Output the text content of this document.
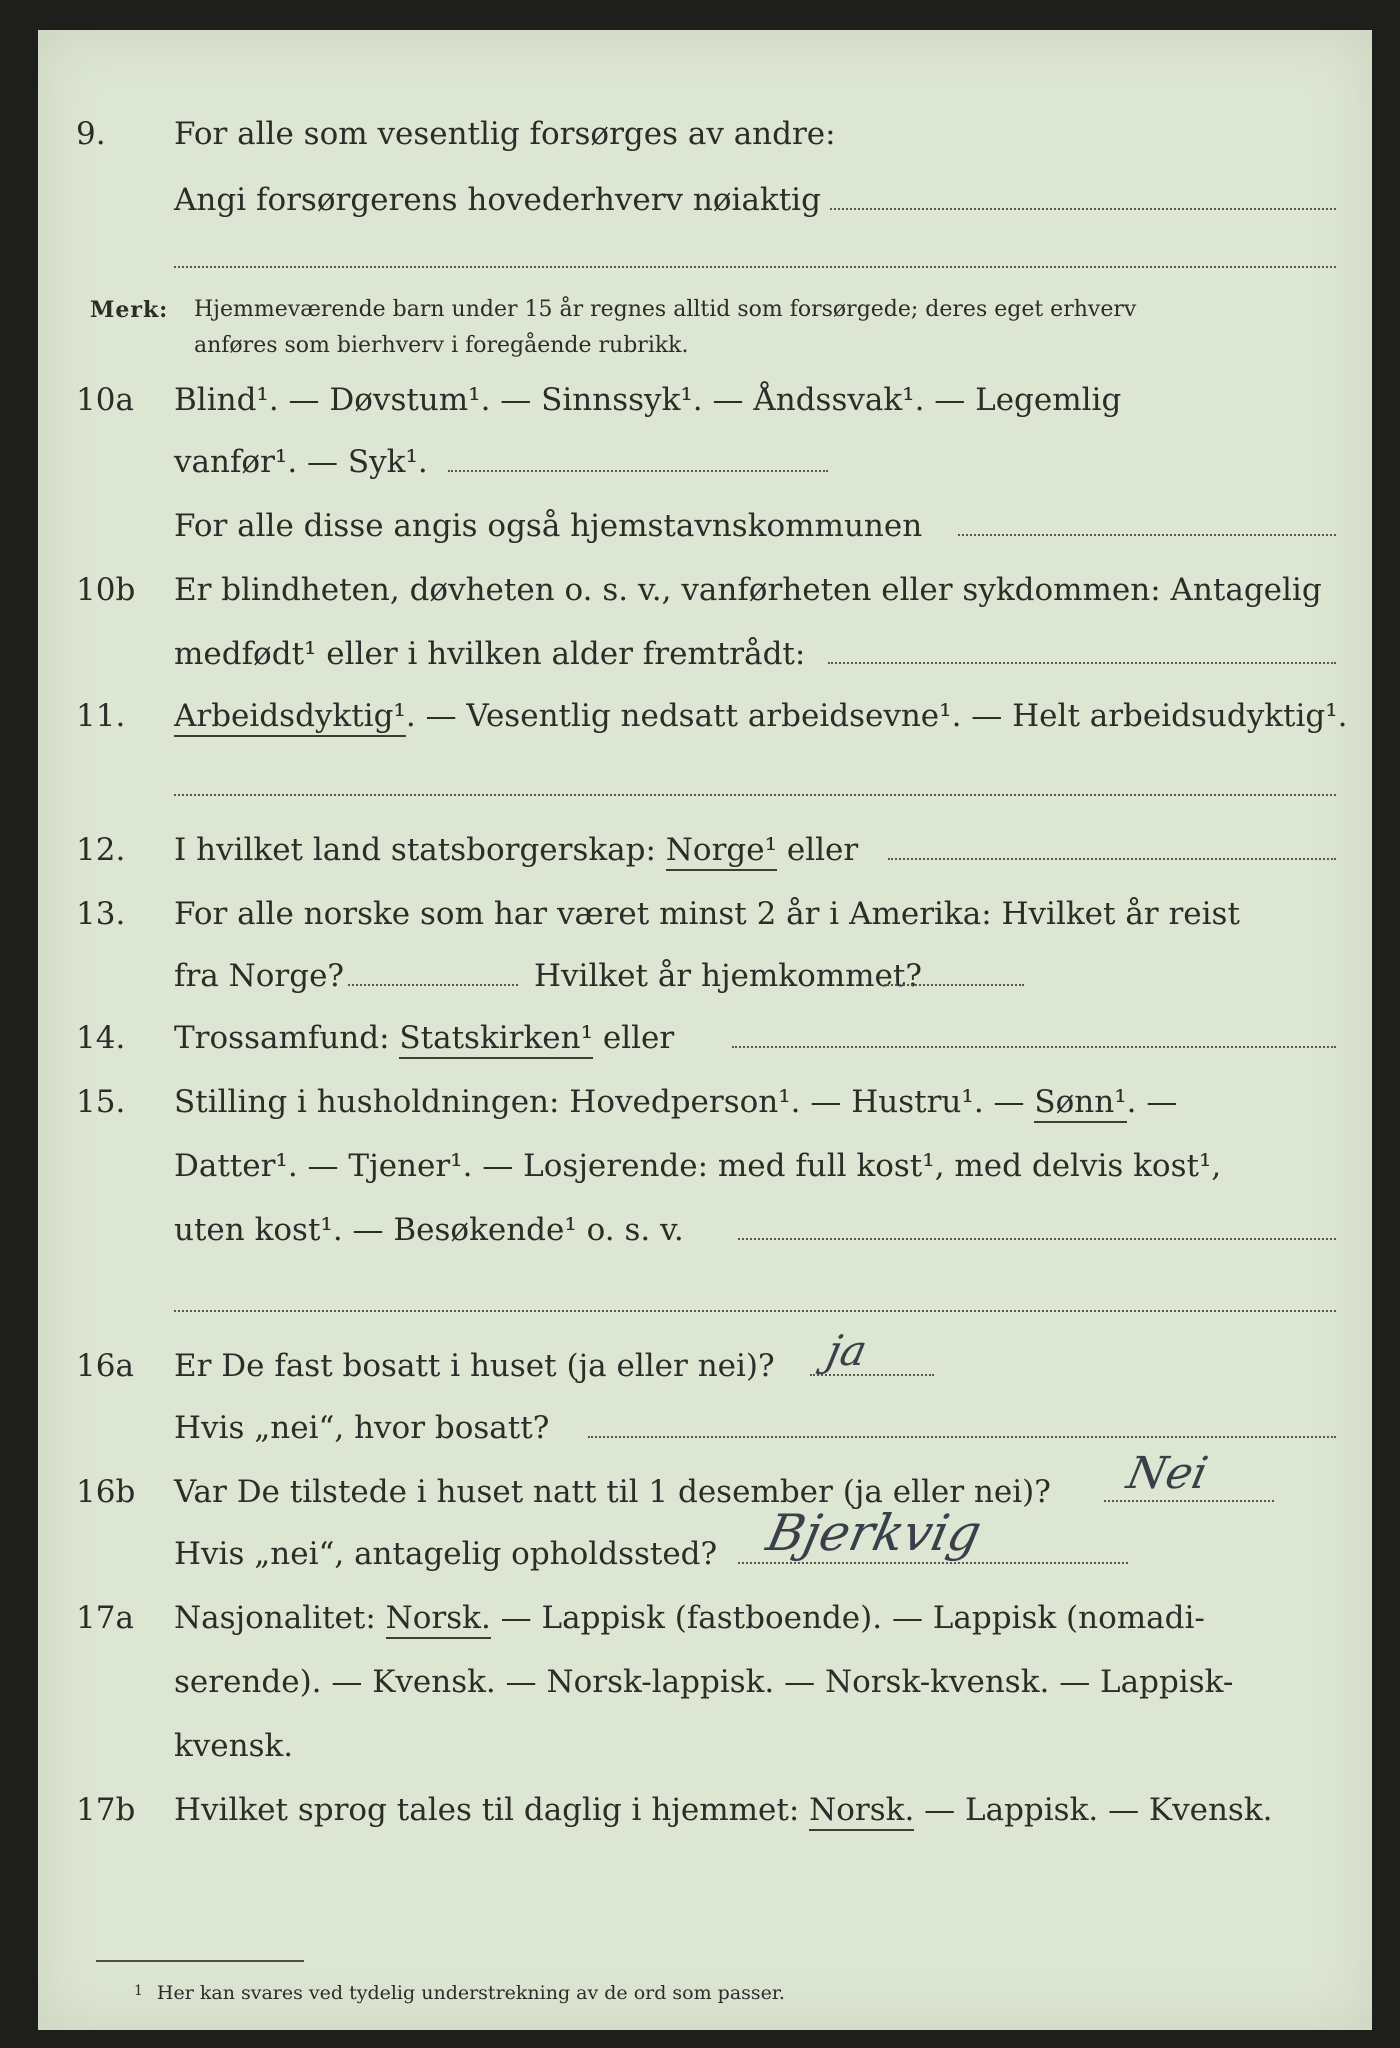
9.	For alle som vesentlig forsørges av andre:
Angi forsørgerens hovederhverv nøiaktig
Merk: Hjemmeværende barn under 15 år regnes alltid som forsørgede; deres eget erhverv
anføres som bierhverv i foregående rubrikk.
10a	Blind¹. — Døvstum¹. — Sinnssyk¹. — Åndssvak¹. — Legemlig
vanfør¹. — Syk¹.
For alle disse angis også hjemstavnskommunen
10b	Er blindheten, døvheten o. s. v., vanførheten eller sykdommen: Antagelig
medfødt¹ eller i hvilken alder fremtrådt:
11.	Arbeidsdyktig¹. — Vesentlig nedsatt arbeidsevne¹. — Helt arbeidsudyktig¹.
12.	I hvilket land statsborgerskap: Norge¹ eller
13.	For alle norske som har været minst 2 år i Amerika: Hvilket år reist
fra Norge?	Hvilket år hjemkommet?
14.	Trossamfund: Statskirken¹ eller
15.	Stilling i husholdningen: Hovedperson¹. — Hustru¹. — Sønn¹. —
Datter¹. — Tjener¹. — Losjerende: med full kost¹, med delvis kost¹,
uten kost¹. — Besøkende¹ o. s. v.
16a	Er De fast bosatt i huset (ja eller nei)? ja
Hvis „nei“, hvor bosatt?
16b	Var De tilstede i huset natt til 1 desember (ja eller nei)? Nei
Hvis „nei“, antagelig opholdssted? Bjerkvig
17a	Nasjonalitet: Norsk. — Lappisk (fastboende). — Lappisk (nomadi-
serende). — Kvensk. — Norsk-lappisk. — Norsk-kvensk. — Lappisk-
kvensk.
17b	Hvilket sprog tales til daglig i hjemmet: Norsk. — Lappisk. — Kvensk.
$^1$ Her kan svares ved tydelig understrekning av de ord som passer.
